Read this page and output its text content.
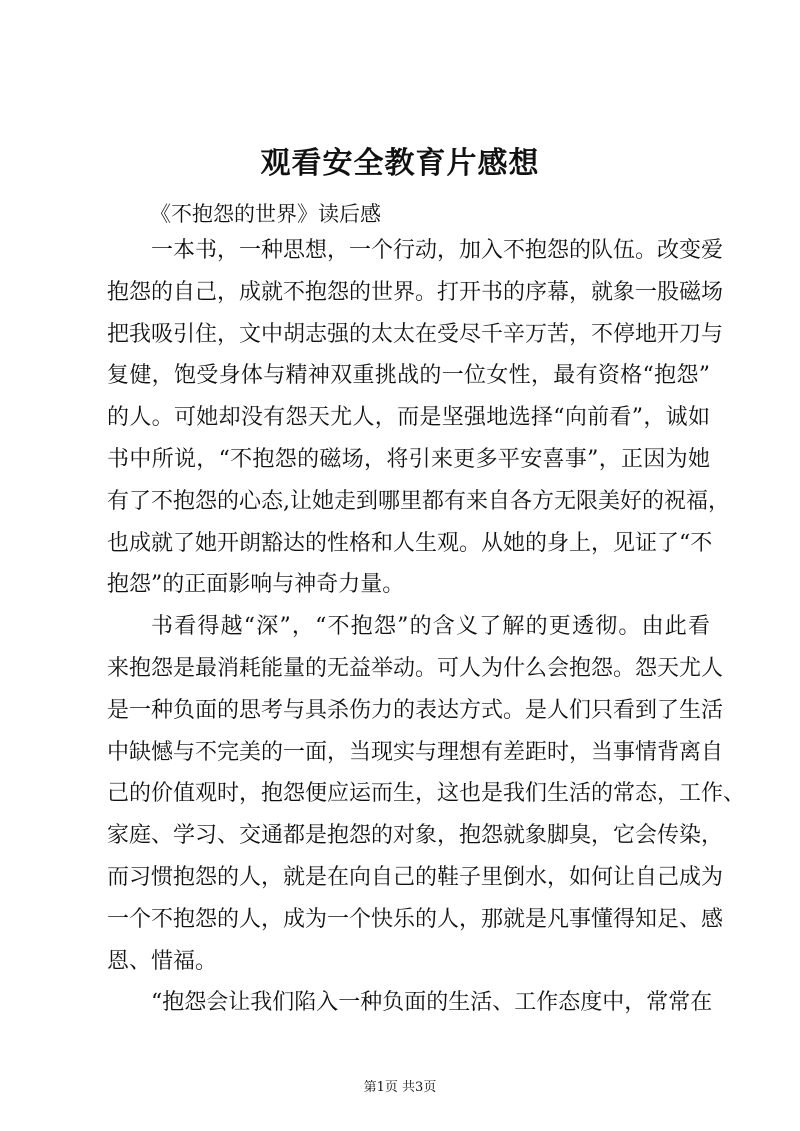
观看安全教育片感想
《不抱怨的世界》读后感
一本书，一种思想，一个行动，加入不抱怨的队伍。改变爱
抱怨的自己，成就不抱怨的世界。打开书的序幕，就象一股磁场
把我吸引住，文中胡志强的太太在受尽千辛万苦，不停地开刀与
复健，饱受身体与精神双重挑战的一位女性，最有资格“抱怨”
的人。可她却没有怨天尤人，而是坚强地选择“向前看”，诚如
书中所说，“不抱怨的磁场，将引来更多平安喜事”，正因为她
有了不抱怨的心态,让她走到哪里都有来自各方无限美好的祝福，
也成就了她开朗豁达的性格和人生观。从她的身上，见证了“不
抱怨”的正面影响与神奇力量。
书看得越“深”，“不抱怨”的含义了解的更透彻。由此看
来抱怨是最消耗能量的无益举动。可人为什么会抱怨。怨天尤人
是一种负面的思考与具杀伤力的表达方式。是人们只看到了生活
中缺憾与不完美的一面，当现实与理想有差距时，当事情背离自
己的价值观时，抱怨便应运而生，这也是我们生活的常态，工作、
家庭、学习、交通都是抱怨的对象，抱怨就象脚臭，它会传染，
而习惯抱怨的人，就是在向自己的鞋子里倒水，如何让自己成为
一个不抱怨的人，成为一个快乐的人，那就是凡事懂得知足、感
恩、惜福。
“抱怨会让我们陷入一种负面的生活、工作态度中，常常在
第1页 共3页
